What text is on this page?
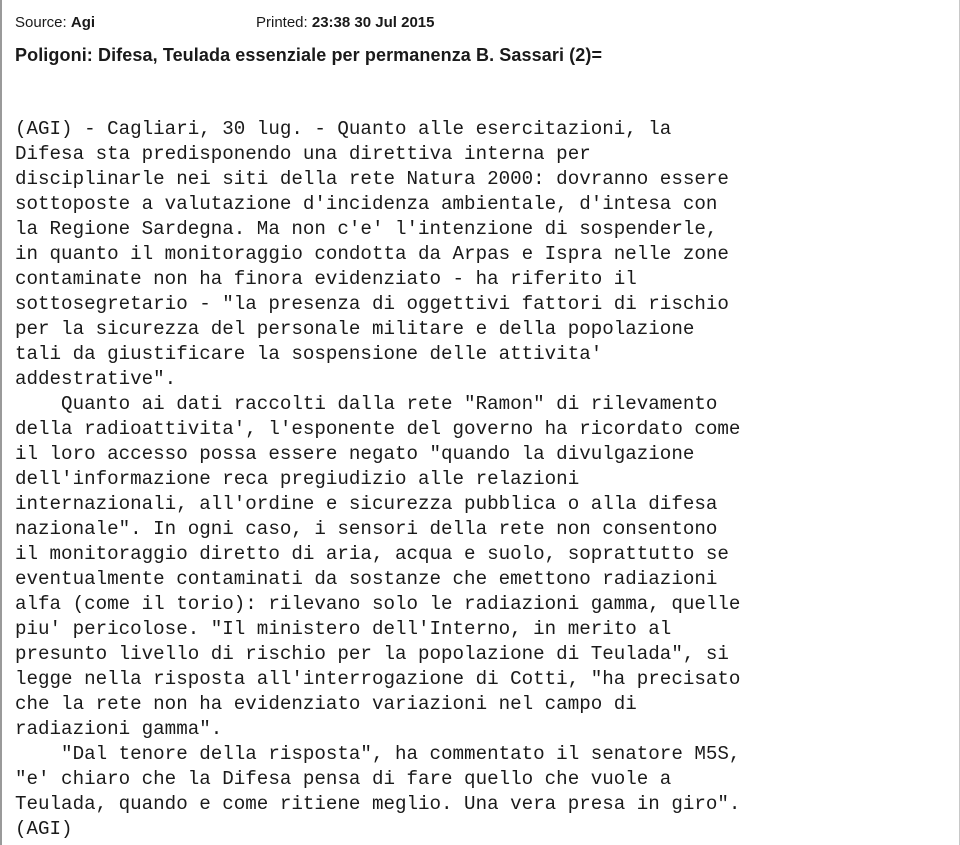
Source: Agi	Printed: 23:38 30 Jul 2015
Poligoni: Difesa, Teulada essenziale per permanenza B. Sassari (2)=
(AGI) - Cagliari, 30 lug. - Quanto alle esercitazioni, la
Difesa sta predisponendo una direttiva interna per
disciplinarle nei siti della rete Natura 2000: dovranno essere
sottoposte a valutazione d'incidenza ambientale, d'intesa con
la Regione Sardegna. Ma non c'e' l'intenzione di sospenderle,
in quanto il monitoraggio condotta da Arpas e Ispra nelle zone
contaminate non ha finora evidenziato - ha riferito il
sottosegretario - "la presenza di oggettivi fattori di rischio
per la sicurezza del personale militare e della popolazione
tali da giustificare la sospensione delle attivita'
addestrative".
Quanto ai dati raccolti dalla rete "Ramon" di rilevamento
della radioattivita', l'esponente del governo ha ricordato come
il loro accesso possa essere negato "quando la divulgazione
dell'informazione reca pregiudizio alle relazioni
internazionali, all'ordine e sicurezza pubblica o alla difesa
nazionale". In ogni caso, i sensori della rete non consentono
il monitoraggio diretto di aria, acqua e suolo, soprattutto se
eventualmente contaminati da sostanze che emettono radiazioni
alfa (come il torio): rilevano solo le radiazioni gamma, quelle
piu' pericolose. "Il ministero dell'Interno, in merito al
presunto livello di rischio per la popolazione di Teulada", si
legge nella risposta all'interrogazione di Cotti, "ha precisato
che la rete non ha evidenziato variazioni nel campo di
radiazioni gamma".
"Dal tenore della risposta", ha commentato il senatore M5S,
"e' chiaro che la Difesa pensa di fare quello che vuole a
Teulada, quando e come ritiene meglio. Una vera presa in giro".
(AGI)
